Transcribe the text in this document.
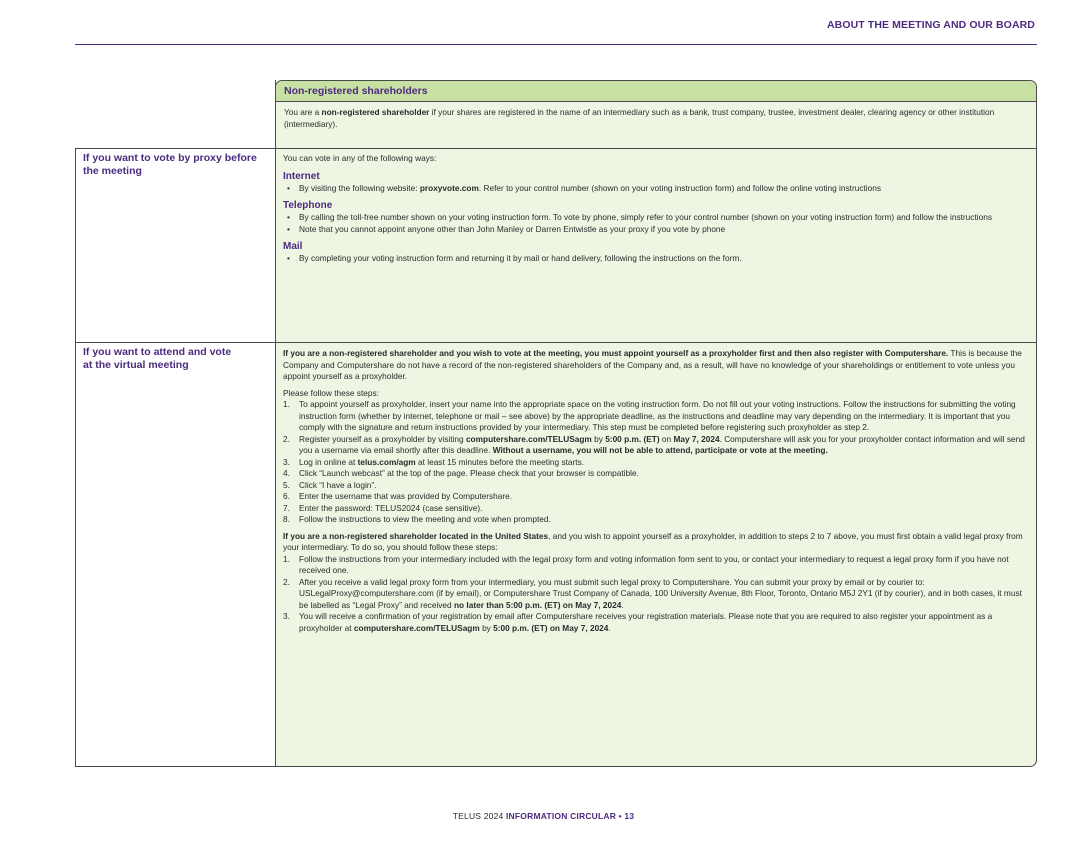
ABOUT THE MEETING AND OUR BOARD
Non-registered shareholders
You are a non-registered shareholder if your shares are registered in the name of an intermediary such as a bank, trust company, trustee, investment dealer, clearing agency or other institution (intermediary).
If you want to vote by proxy before the meeting

You can vote in any of the following ways:

Internet
• By visiting the following website: proxyvote.com. Refer to your control number (shown on your voting instruction form) and follow the online voting instructions
Telephone
• By calling the toll-free number shown on your voting instruction form. To vote by phone, simply refer to your control number (shown on your voting instruction form) and follow the instructions
• Note that you cannot appoint anyone other than John Manley or Darren Entwistle as your proxy if you vote by phone
Mail
• By completing your voting instruction form and returning it by mail or hand delivery, following the instructions on the form.
If you want to attend and vote at the virtual meeting

If you are a non-registered shareholder and you wish to vote at the meeting, you must appoint yourself as a proxyholder first and then also register with Computershare. This is because the Company and Computershare do not have a record of the non-registered shareholders of the Company and, as a result, will have no knowledge of your shareholdings or entitlement to vote unless you appoint yourself as a proxyholder.

Please follow these steps:

1. To appoint yourself as proxyholder, insert your name into the appropriate space on the voting instruction form. Do not fill out your voting instructions. Follow the instructions for submitting the voting instruction form (whether by internet, telephone or mail – see above) by the appropriate deadline, as the instructions and deadline may vary depending on the intermediary. It is important that you comply with the signature and return instructions provided by your intermediary. This step must be completed before registering such proxyholder as step 2.
2. Register yourself as a proxyholder by visiting computershare.com/TELUSagm by 5:00 p.m. (ET) on May 7, 2024. Computershare will ask you for your proxyholder contact information and will send you a username via email shortly after this deadline. Without a username, you will not be able to attend, participate or vote at the meeting.
3. Log in online at telus.com/agm at least 15 minutes before the meeting starts.
4. Click “Launch webcast” at the top of the page. Please check that your browser is compatible.
5. Click “I have a login”.
6. Enter the username that was provided by Computershare.
7. Enter the password: TELUS2024 (case sensitive).
8. Follow the instructions to view the meeting and vote when prompted.

If you are a non-registered shareholder located in the United States, and you wish to appoint yourself as a proxyholder, in addition to steps 2 to 7 above, you must first obtain a valid legal proxy from your intermediary. To do so, you should follow these steps:

1. Follow the instructions from your intermediary included with the legal proxy form and voting information form sent to you, or contact your intermediary to request a legal proxy form if you have not received one.
2. After you receive a valid legal proxy form from your intermediary, you must submit such legal proxy to Computershare. You can submit your proxy by email or by courier to: USLegalProxy@computershare.com (if by email), or Computershare Trust Company of Canada, 100 University Avenue, 8th Floor, Toronto, Ontario M5J 2Y1 (if by courier), and in both cases, it must be labelled as “Legal Proxy” and received no later than 5:00 p.m. (ET) on May 7, 2024.
3. You will receive a confirmation of your registration by email after Computershare receives your registration materials. Please note that you are required to also register your appointment as a proxyholder at computershare.com/TELUSagm by 5:00 p.m. (ET) on May 7, 2024.
TELUS 2024 INFORMATION CIRCULAR • 13
